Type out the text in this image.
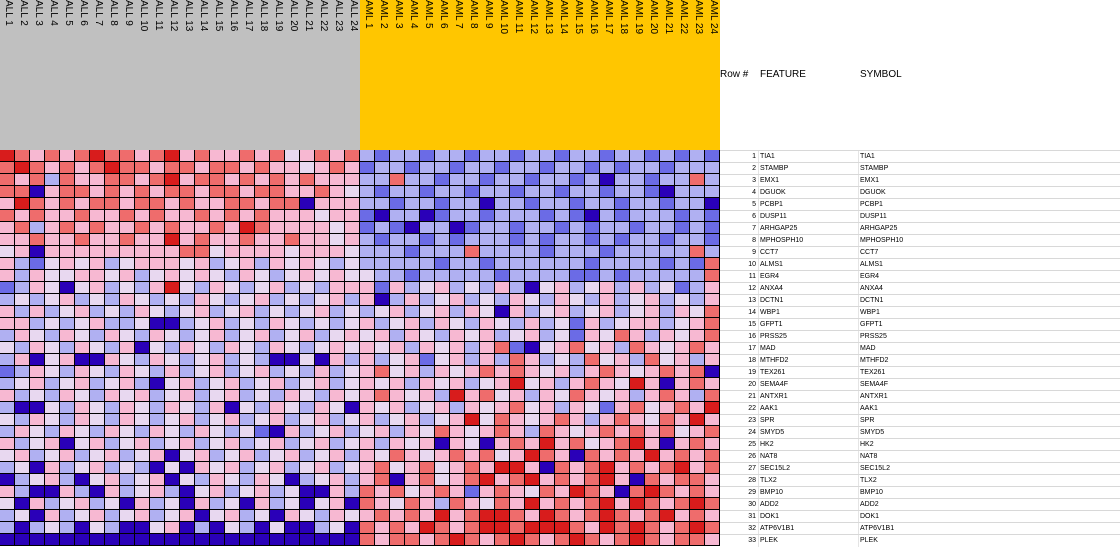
ALL 1 ALL 2 ALL 3 ALL 4 ALL 5 ALL 6 ALL 7 ALL 8 ALL 9 ALL 10 ALL 11 ALL 12 ALL 13 ALL 14 ALL 15 ALL 16 ALL 17 ALL 18 ALL 19 ALL 20 ALL 21 ALL 22 ALL 23 ALL 24 AML 1 AML 2 AML 3 AML 4 AML 5 AML 6 AML 7 AML 8 AML 9 AML 10 AML 11 AML 12 AML 13 AML 14 AML 15 AML 16 AML 17 AML 18 AML 19 AML 20 AML 21 AML 22 AML 23 AML 24
Row # FEATURE	SYMBOL
1 TIA1	TIA1
2 STAMBP	STAMBP
3 EMX1	EMX1
4 DGUOK	DGUOK
5 PCBP1	PCBP1
6 DUSP11	DUSP11
7 ARHGAP25	ARHGAP25
8 MPHOSPH10	MPHOSPH10
9 CCT7	CCT7
10 ALMS1	ALMS1
11 EGR4	EGR4
12 ANXA4	ANXA4
13 DCTN1	DCTN1
14 WBP1	WBP1
15 GFPT1	GFPT1
16 PRSS25	PRSS25
17 MAD	MAD
18 MTHFD2	MTHFD2
19 TEX261	TEX261
20 SEMA4F	SEMA4F
21 ANTXR1	ANTXR1
22 AAK1	AAK1
23 SPR	SPR
24 SMYD5	SMYD5
25 HK2	HK2
26 NAT8	NAT8
27 SEC15L2	SEC15L2
28 TLX2	TLX2
29 BMP10	BMP10
30 ADD2	ADD2
31 DOK1	DOK1
32 ATP6V1B1	ATP6V1B1
33 PLEK	PLEK
